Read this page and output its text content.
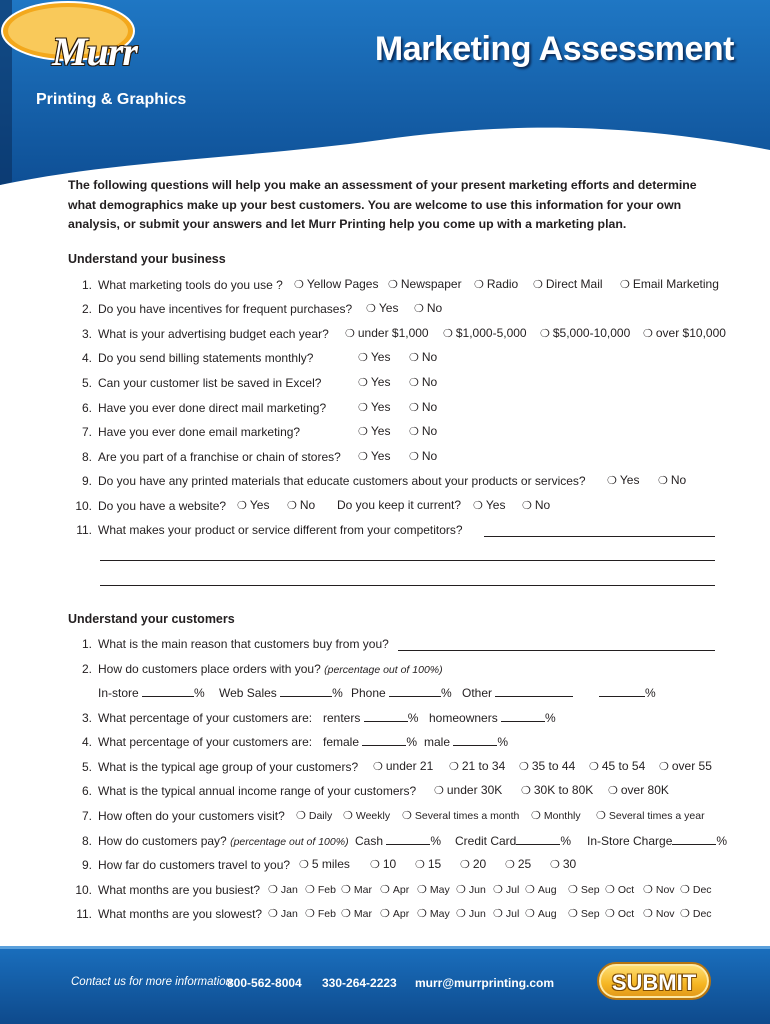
Murr
Printing & Graphics
Marketing Assessment
The following questions will help you make an assessment of your present marketing efforts and determine what demographics make up your best customers. You are welcome to use this information for your own analysis, or submit your answers and let Murr Printing help you come up with a marketing plan.
Understand your business
1. What marketing tools do you use ? ❍ Yellow Pages ❍ Newspaper ❍ Radio ❍ Direct Mail ❍ Email Marketing
2. Do you have incentives for frequent purchases? ❍ Yes ❍ No
3. What is your advertising budget each year? ❍ under $1,000 ❍ $1,000-5,000 ❍ $5,000-10,000 ❍ over $10,000
4. Do you send billing statements monthly?	❍ Yes ❍ No
5. Can your customer list be saved in Excel?	❍ Yes ❍ No
6. Have you ever done direct mail marketing?	❍ Yes ❍ No
7. Have you ever done email marketing?	❍ Yes ❍ No
8. Are you part of a franchise or chain of stores? ❍ Yes ❍ No
9. Do you have any printed materials that educate customers about your products or services? ❍ Yes ❍ No
10. Do you have a website? ❍ Yes ❍ No Do you keep it current? ❍ Yes ❍ No
11. What makes your product or service different from your competitors?
Understand your customers
1. What is the main reason that customers buy from you?
2. How do customers place orders with you? (percentage out of 100%)
In-store	% Web Sales	% Phone	% Other	%
3. What percentage of your customers are: renters	% homeowners	%
4. What percentage of your customers are: female	% male	%
5. What is the typical age group of your customers? ❍ under 21 ❍ 21 to 34 ❍ 35 to 44 ❍ 45 to 54 ❍ over 55
6. What is the typical annual income range of your customers? ❍ under 30K ❍ 30K to 80K ❍ over 80K
7. How often do your customers visit? ❍ Daily ❍ Weekly ❍ Several times a month ❍ Monthly ❍ Several times a year
8. How do customers pay? (percentage out of 100%) Cash	% Credit Card	% In-Store Charge	%
9. How far do customers travel to you? ❍ 5 miles ❍ 10 ❍ 15 ❍ 20 ❍ 25 ❍ 30
10. What months are you busiest? ❍ Jan ❍ Feb ❍ Mar ❍ Apr ❍ May ❍ Jun ❍ Jul ❍ Aug ❍ Sep ❍ Oct ❍ Nov ❍ Dec
11. What months are you slowest? ❍ Jan ❍ Feb ❍ Mar ❍ Apr ❍ May ❍ Jun ❍ Jul ❍ Aug ❍ Sep ❍ Oct ❍ Nov ❍ Dec
Contact us for more information
800-562-8004 330-264-2223 murr@murrprinting.com	SUBMIT
